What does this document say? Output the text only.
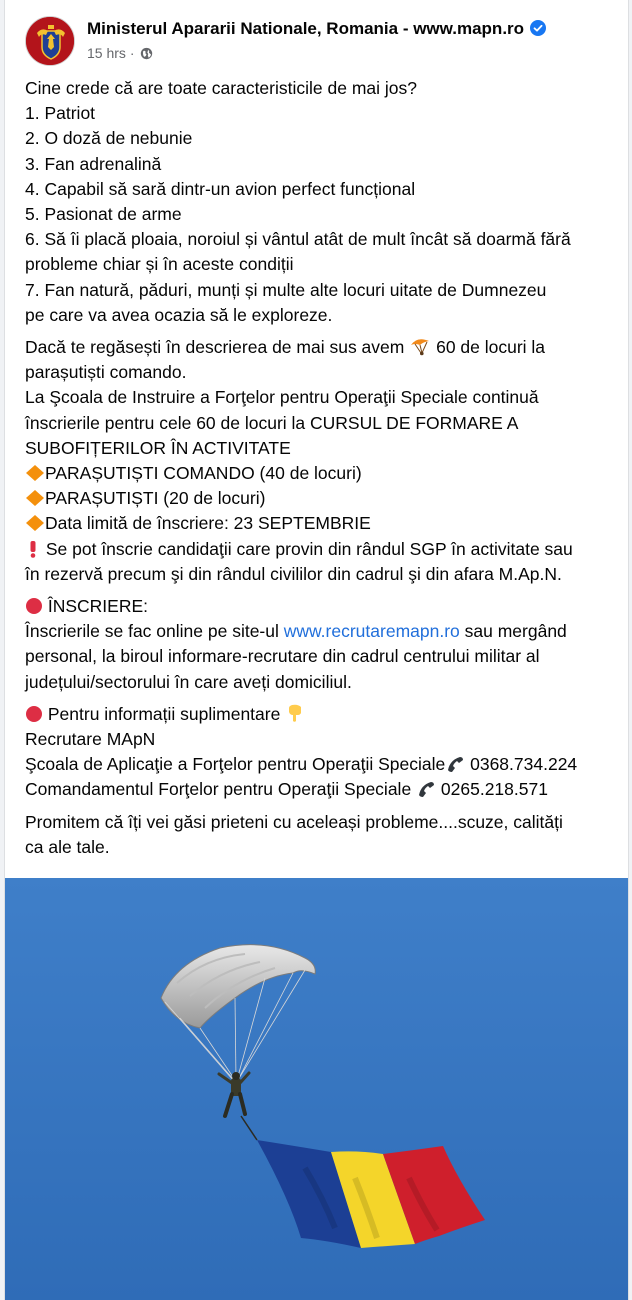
Ministerul Apararii Nationale, Romania - www.mapn.ro
15 hrs ·

Cine crede că are toate caracteristicile de mai jos?
1. Patriot
2. O doză de nebunie
3. Fan adrenalină
4. Capabil să sară dintr-un avion perfect funcțional
5. Pasionat de arme
6. Să îi placă ploaia, noroiul și vântul atât de mult încât să doarmă fără
probleme chiar și în aceste condiții
7. Fan natură, păduri, munți și multe alte locuri uitate de Dumnezeu
pe care va avea ocazia să le exploreze.

Dacă te regăsești în descrierea de mai sus avem  60 de locuri la
parașutiști comando.
La Şcoala de Instruire a Forţelor pentru Operaţii Speciale continuă
înscrierile pentru cele 60 de locuri la CURSUL DE FORMARE A
SUBOFIȚERILOR ÎN ACTIVITATE
PARAȘUTIȘTI COMANDO (40 de locuri)
PARAȘUTIȘTI (20 de locuri)
Data limită de înscriere: 23 SEPTEMBRIE
Se pot înscrie candidaţii care provin din rândul SGP în activitate sau
în rezervă precum şi din rândul civililor din cadrul şi din afara M.Ap.N.

ÎNSCRIERE:
Înscrierile se fac online pe site-ul www.recrutaremapn.ro sau mergând
personal, la biroul informare-recrutare din cadrul centrului militar al
județului/sectorului în care aveți domiciliul.

Pentru informații suplimentare
Recrutare MApN
Şcoala de Aplicaţie a Forţelor pentru Operaţii Speciale 0368.734.224
Comandamentul Forţelor pentru Operaţii Speciale  0265.218.571

Promitem că îți vei găsi prieteni cu aceleași probleme....scuze, calități
ca ale tale.
